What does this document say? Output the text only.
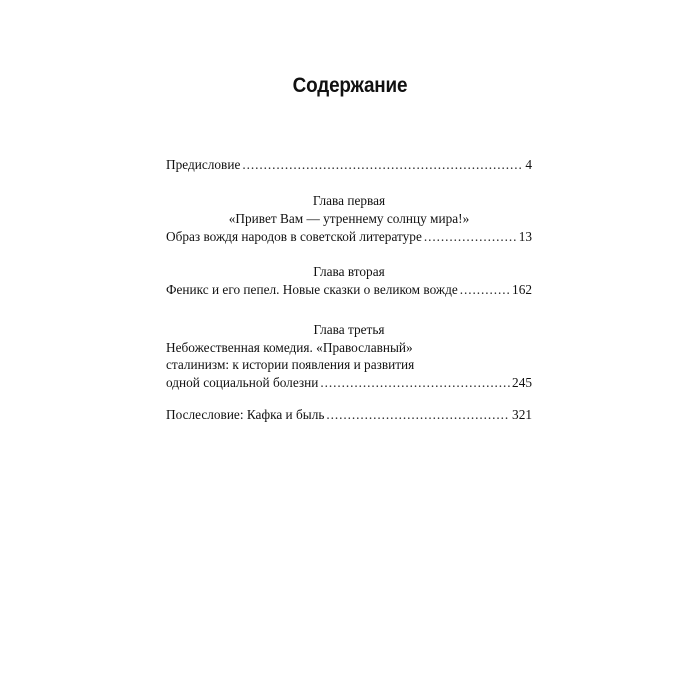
Содержание
Предисловие . . .	4
Глава первая
«Привет Вам — утреннему солнцу мира!»
Образ вождя народов в советской литературе . . .	13
Глава вторая
Феникс и его пепел. Новые сказки о великом вожде . . .	162
Глава третья
Небожественная комедия. «Православный»
сталинизм: к истории появления и развития
одной социальной болезни . . .	245
Послесловие: Кафка и быль . . .	321
